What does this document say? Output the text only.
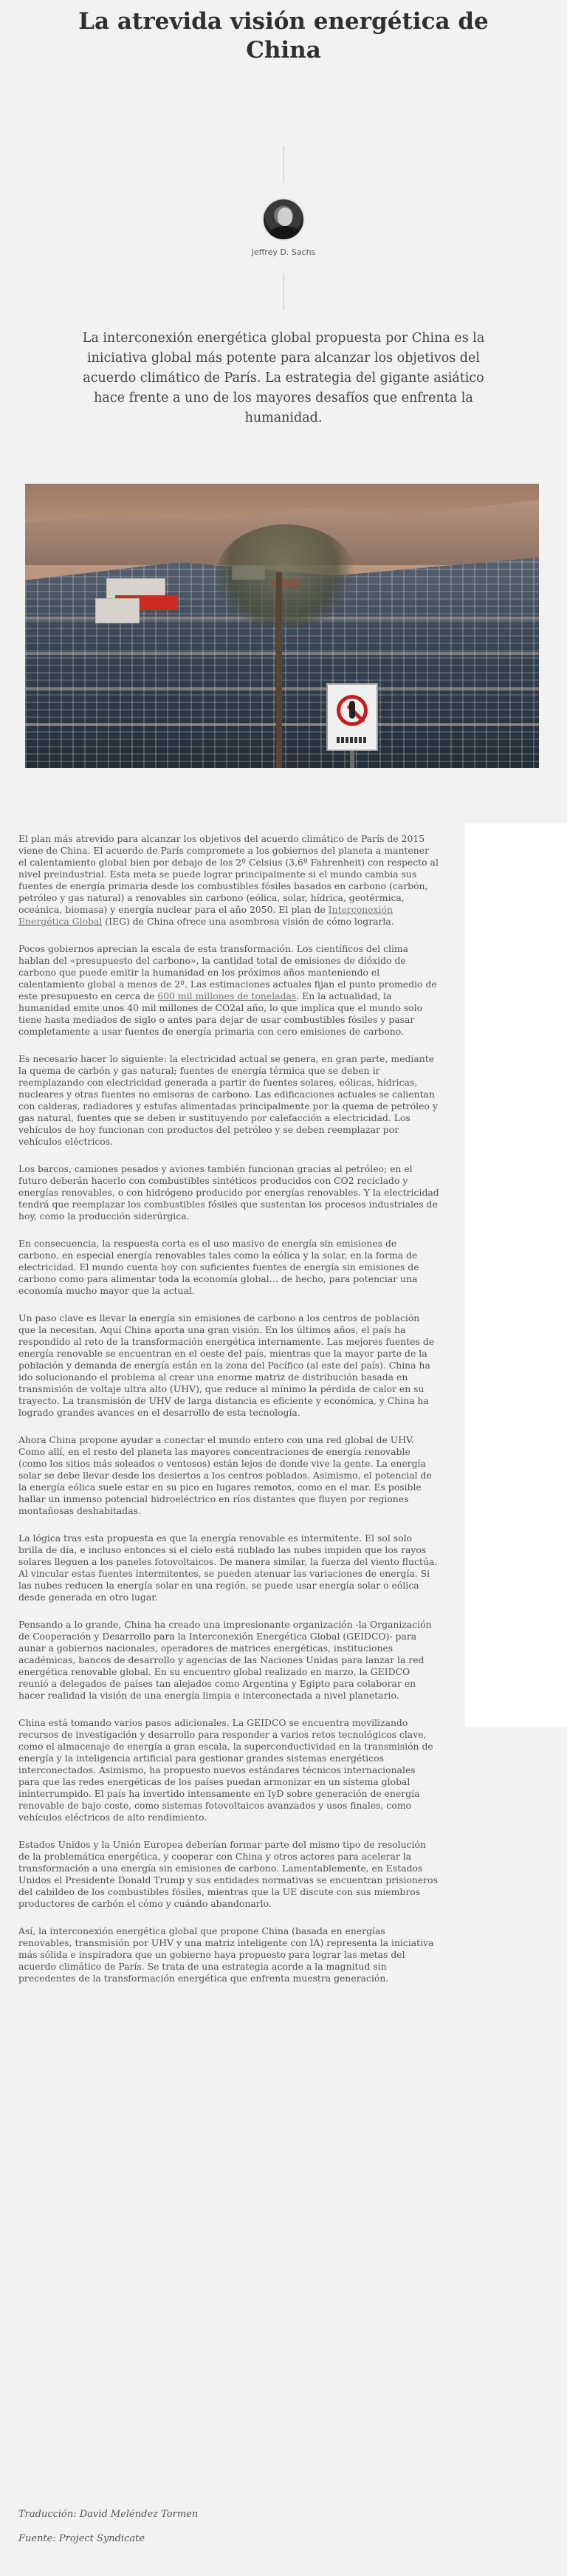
La atrevida visión energética de China
Jeffrey D. Sachs

La interconexión energética global propuesta por China es la iniciativa global más potente para alcanzar los objetivos del acuerdo climático de París. La estrategia del gigante asiático hace frente a uno de los mayores desafíos que enfrenta la humanidad.

El plan más atrevido para alcanzar los objetivos del acuerdo climático de París de 2015 viene de China. El acuerdo de París compromete a los gobiernos del planeta a mantener el calentamiento global bien por debajo de los 2º Celsius (3,6º Fahrenheit) con respecto al nivel preindustrial. Esta meta se puede lograr principalmente si el mundo cambia sus fuentes de energía primaria desde los combustibles fósiles basados en carbono (carbón, petróleo y gas natural) a renovables sin carbono (eólica, solar, hídrica, geotérmica, oceánica, biomasa) y energía nuclear para el año 2050. El plan de Interconexión Energética Global (IEG) de China ofrece una asombrosa visión de cómo lograrla.

Pocos gobiernos aprecian la escala de esta transformación. Los científicos del clima hablan del «presupuesto del carbono», la cantidad total de emisiones de dióxido de carbono que puede emitir la humanidad en los próximos años manteniendo el calentamiento global a menos de 2º. Las estimaciones actuales fijan el punto promedio de este presupuesto en cerca de 600 mil millones de toneladas. En la actualidad, la humanidad emite unos 40 mil millones de CO2al año, lo que implica que el mundo solo tiene hasta mediados de siglo o antes para dejar de usar combustibles fósiles y pasar completamente a usar fuentes de energía primaria con cero emisiones de carbono.

Es necesario hacer lo siguiente: la electricidad actual se genera, en gran parte, mediante la quema de carbón y gas natural; fuentes de energía térmica que se deben ir reemplazando con electricidad generada a partir de fuentes solares, eólicas, hídricas, nucleares y otras fuentes no emisoras de carbono. Las edificaciones actuales se calientan con calderas, radiadores y estufas alimentadas principalmente por la quema de petróleo y gas natural, fuentes que se deben ir sustituyendo por calefacción a electricidad. Los vehículos de hoy funcionan con productos del petróleo y se deben reemplazar por vehículos eléctricos.

Los barcos, camiones pesados y aviones también funcionan gracias al petróleo; en el futuro deberán hacerlo con combustibles sintéticos producidos con CO2 reciclado y energías renovables, o con hidrógeno producido por energías renovables. Y la electricidad tendrá que reemplazar los combustibles fósiles que sustentan los procesos industriales de hoy, como la producción siderúrgica.

En consecuencia, la respuesta corta es el uso masivo de energía sin emisiones de carbono, en especial energía renovables tales como la eólica y la solar, en la forma de electricidad. El mundo cuenta hoy con suficientes fuentes de energía sin emisiones de carbono como para alimentar toda la economía global… de hecho, para potenciar una economía mucho mayor que la actual.

Un paso clave es llevar la energía sin emisiones de carbono a los centros de población que la necesitan. Aquí China aporta una gran visión. En los últimos años, el país ha respondido al reto de la transformación energética internamente. Las mejores fuentes de energía renovable se encuentran en el oeste del país, mientras que la mayor parte de la población y demanda de energía están en la zona del Pacífico (al este del país). China ha ido solucionando el problema al crear una enorme matriz de distribución basada en transmisión de voltaje ultra alto (UHV), que reduce al mínimo la pérdida de calor en su trayecto. La transmisión de UHV de larga distancia es eficiente y económica, y China ha logrado grandes avances en el desarrollo de esta tecnología.

Ahora China propone ayudar a conectar el mundo entero con una red global de UHV. Como allí, en el resto del planeta las mayores concentraciones de energía renovable (como los sitios más soleados o ventosos) están lejos de donde vive la gente. La energía solar se debe llevar desde los desiertos a los centros poblados. Asimismo, el potencial de la energía eólica suele estar en su pico en lugares remotos, como en el mar. Es posible hallar un inmenso potencial hidroeléctrico en ríos distantes que fluyen por regiones montañosas deshabitadas.

La lógica tras esta propuesta es que la energía renovable es intermitente. El sol solo brilla de día, e incluso entonces si el cielo está nublado las nubes impiden que los rayos solares lleguen a los paneles fotovoltaicos. De manera similar, la fuerza del viento fluctúa. Al vincular estas fuentes intermitentes, se pueden atenuar las variaciones de energía. Si las nubes reducen la energía solar en una región, se puede usar energía solar o eólica desde generada en otro lugar.

Pensando a lo grande, China ha creado una impresionante organización -la Organización de Cooperación y Desarrollo para la Interconexión Energética Global (GEIDCO)- para aunar a gobiernos nacionales, operadores de matrices energéticas, instituciones académicas, bancos de desarrollo y agencias de las Naciones Unidas para lanzar la red energética renovable global. En su encuentro global realizado en marzo, la GEIDCO reunió a delegados de países tan alejados como Argentina y Egipto para colaborar en hacer realidad la visión de una energía limpia e interconectada a nivel planetario.

China está tomando varios pasos adicionales. La GEIDCO se encuentra movilizando recursos de investigación y desarrollo para responder a varios retos tecnológicos clave, como el almacenaje de energía a gran escala, la superconductividad en la transmisión de energía y la inteligencia artificial para gestionar grandes sistemas energéticos interconectados. Asimismo, ha propuesto nuevos estándares técnicos internacionales para que las redes energéticas de los países puedan armonizar en un sistema global ininterrumpido. El país ha invertido intensamente en IyD sobre generación de energía renovable de bajo coste, como sistemas fotovoltaicos avanzados y usos finales, como vehículos eléctricos de alto rendimiento.

Estados Unidos y la Unión Europea deberían formar parte del mismo tipo de resolución de la problemática energética, y cooperar con China y otros actores para acelerar la transformación a una energía sin emisiones de carbono. Lamentablemente, en Estados Unidos el Presidente Donald Trump y sus entidades normativas se encuentran prisioneros del cabildeo de los combustibles fósiles, mientras que la UE discute con sus miembros productores de carbón el cómo y cuándo abandonarlo.

Así, la interconexión energética global que propone China (basada en energías renovables, transmisión por UHV y una matriz inteligente con IA) representa la iniciativa más sólida e inspiradora que un gobierno haya propuesto para lograr las metas del acuerdo climático de París. Se trata de una estrategia acorde a la magnitud sin precedentes de la transformación energética que enfrenta muestra generación.

Traducción: David Meléndez Tormen

Fuente: Project Syndicate
